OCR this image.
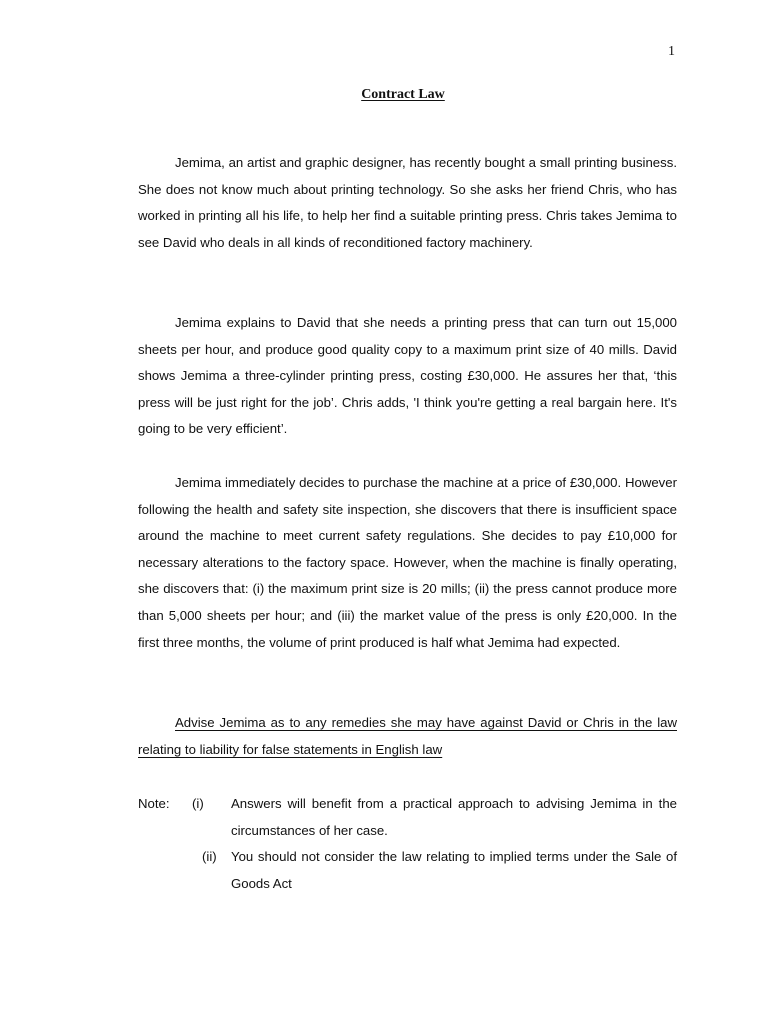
1
Contract Law

Jemima, an artist and graphic designer, has recently bought a small printing business. She does not know much about printing technology. So she asks her friend Chris, who has worked in printing all his life, to help her find a suitable printing press. Chris takes Jemima to see David who deals in all kinds of reconditioned factory machinery.

Jemima explains to David that she needs a printing press that can turn out 15,000 sheets per hour, and produce good quality copy to a maximum print size of 40 mills. David shows Jemima a three-cylinder printing press, costing £30,000. He assures her that, ‘this press will be just right for the job’. Chris adds, 'I think you're getting a real bargain here. It's going to be very efficient’.

Jemima immediately decides to purchase the machine at a price of £30,000. However following the health and safety site inspection, she discovers that there is insufficient space around the machine to meet current safety regulations. She decides to pay £10,000 for necessary alterations to the factory space. However, when the machine is finally operating, she discovers that: (i) the maximum print size is 20 mills; (ii) the press cannot produce more than 5,000 sheets per hour; and (iii) the market value of the press is only £20,000. In the first three months, the volume of print produced is half what Jemima had expected.

Advise Jemima as to any remedies she may have against David or Chris in the law relating to liability for false statements in English law

Note:	(i)	Answers will benefit from a practical approach to advising Jemima in the circumstances of her case.
(ii)	You should not consider the law relating to implied terms under the Sale of Goods Act
